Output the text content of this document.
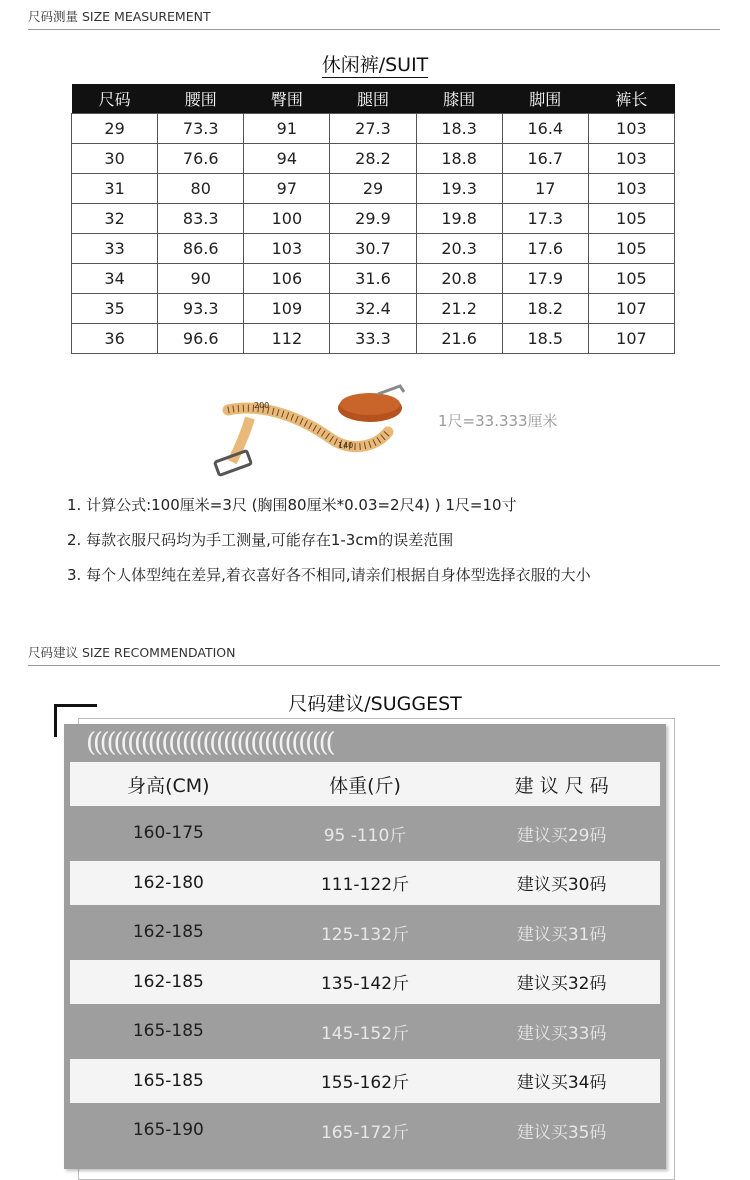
尺码测量 SIZE MEASUREMENT
休闲裤/SUIT
尺码	腰围	臀围	腿围	膝围	脚围	裤长
29	73.3	91	27.3	18.3	16.4	103
30	76.6	94	28.2	18.8	16.7	103
31	80	97	29	19.3	17	103
32	83.3	100	29.9	19.8	17.3	105
33	86.6	103	30.7	20.3	17.6	105
34	90	106	31.6	20.8	17.9	105
35	93.3	109	32.4	21.2	18.2	107
36	96.6	112	33.3	21.6	18.5	107
200
140
1尺=33.333厘米
1. 计算公式:100厘米=3尺 (胸围80厘米*0.03=2尺4) ) 1尺=10寸
2. 每款衣服尺码均为手工测量,可能存在1-3cm的误差范围
3. 每个人体型纯在差异,着衣喜好各不相同,请亲们根据自身体型选择衣服的大小
尺码建议 SIZE RECOMMENDATION
尺码建议/SUGGEST
((((((((((((((((((((((((((((((((((((
身高(CM)	体重(斤)	建 议 尺 码
160-175	95 -110斤	建议买29码
162-180	111-122斤	建议买30码
162-185	125-132斤	建议买31码
162-185	135-142斤	建议买32码
165-185	145-152斤	建议买33码
165-185	155-162斤	建议买34码
165-190	165-172斤	建议买35码
